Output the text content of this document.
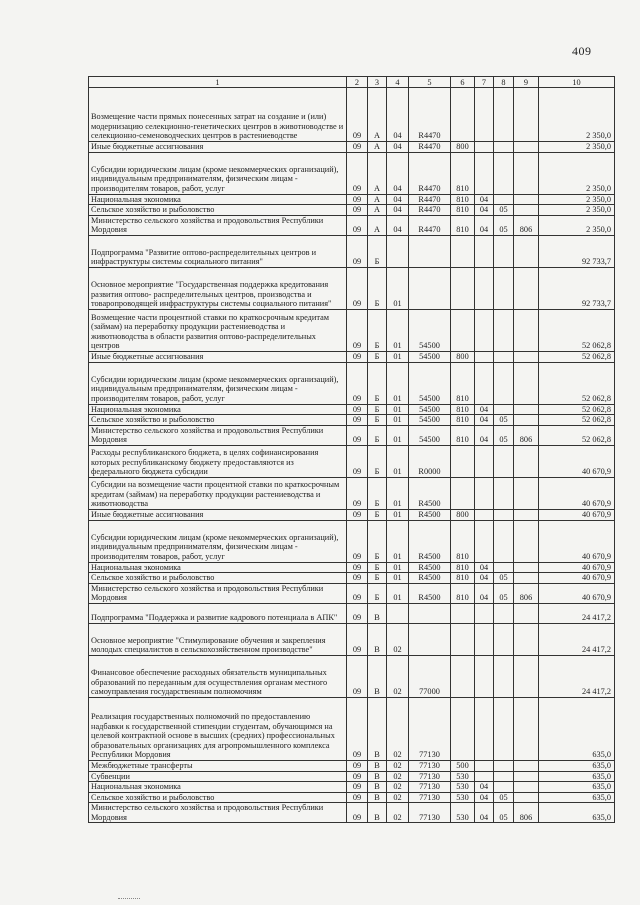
409
1	2	3	4	5	6	7	8	9	10
Возмещение части прямых понесенных затрат на создание и (или) модернизацию селекционно-генетических центров в животноводстве и селекционно-семеноводческих центров в растениеводстве	09	А	04	R4470					2 350,0
Иные бюджетные ассигнования	09	А	04	R4470	800				2 350,0
Субсидии юридическим лицам (кроме некоммерческих организаций), индивидуальным предпринимателям, физическим лицам - производителям товаров, работ, услуг	09	А	04	R4470	810				2 350,0
Национальная экономика	09	А	04	R4470	810	04			2 350,0
Сельское хозяйство и рыболовство	09	А	04	R4470	810	04	05		2 350,0
Министерство сельского хозяйства и продовольствия Республики Мордовия	09	А	04	R4470	810	04	05	806	2 350,0
Подпрограмма "Развитие оптово-распределительных центров и инфраструктуры системы социального питания"	09	Б							92 733,7
Основное мероприятие "Государственная поддержка кредитования развития оптово- распределительных центров, производства и товаропроводящей инфраструктуры системы социального питания"	09	Б	01						92 733,7
Возмещение части процентной ставки по краткосрочным кредитам (займам) на переработку продукции растениеводства и животноводства в области развития оптово-распределительных центров	09	Б	01	54500					52 062,8
Иные бюджетные ассигнования	09	Б	01	54500	800				52 062,8
Субсидии юридическим лицам (кроме некоммерческих организаций), индивидуальным предпринимателям, физическим лицам - производителям товаров, работ, услуг	09	Б	01	54500	810				52 062,8
Национальная экономика	09	Б	01	54500	810	04			52 062,8
Сельское хозяйство и рыболовство	09	Б	01	54500	810	04	05		52 062,8
Министерство сельского хозяйства и продовольствия Республики Мордовия	09	Б	01	54500	810	04	05	806	52 062,8
Расходы республиканского бюджета, в целях софинансирования которых республиканскому бюджету предоставляются из федерального бюджета субсидии	09	Б	01	R0000					40 670,9
Субсидии на возмещение части процентной ставки по краткосрочным кредитам (займам) на переработку продукции растениеводства и животноводства	09	Б	01	R4500					40 670,9
Иные бюджетные ассигнования	09	Б	01	R4500	800				40 670,9
Субсидии юридическим лицам (кроме некоммерческих организаций), индивидуальным предпринимателям, физическим лицам - производителям товаров, работ, услуг	09	Б	01	R4500	810				40 670,9
Национальная экономика	09	Б	01	R4500	810	04			40 670,9
Сельское хозяйство и рыболовство	09	Б	01	R4500	810	04	05		40 670,9
Министерство сельского хозяйства и продовольствия Республики Мордовия	09	Б	01	R4500	810	04	05	806	40 670,9
Подпрограмма "Поддержка и развитие кадрового потенциала в АПК"	09	В							24 417,2
Основное мероприятие "Стимулирование обучения и закрепления молодых специалистов в сельскохозяйственном производстве"	09	В	02						24 417,2
Финансовое обеспечение расходных обязательств муниципальных образований по переданным для осуществления органам местного самоуправления государственным полномочиям	09	В	02	77000					24 417,2
Реализация государственных полномочий по предоставлению надбавки к государственной стипендии студентам, обучающимся на целевой контрактной основе в высших (средних) профессиональных образовательных организациях для агропромышленного комплекса Республики Мордовия	09	В	02	77130					635,0
Межбюджетные трансферты	09	В	02	77130	500				635,0
Субвенции	09	В	02	77130	530				635,0
Национальная экономика	09	В	02	77130	530	04			635,0
Сельское хозяйство и рыболовство	09	В	02	77130	530	04	05		635,0
Министерство сельского хозяйства и продовольствия Республики Мордовия	09	В	02	77130	530	04	05	806	635,0
